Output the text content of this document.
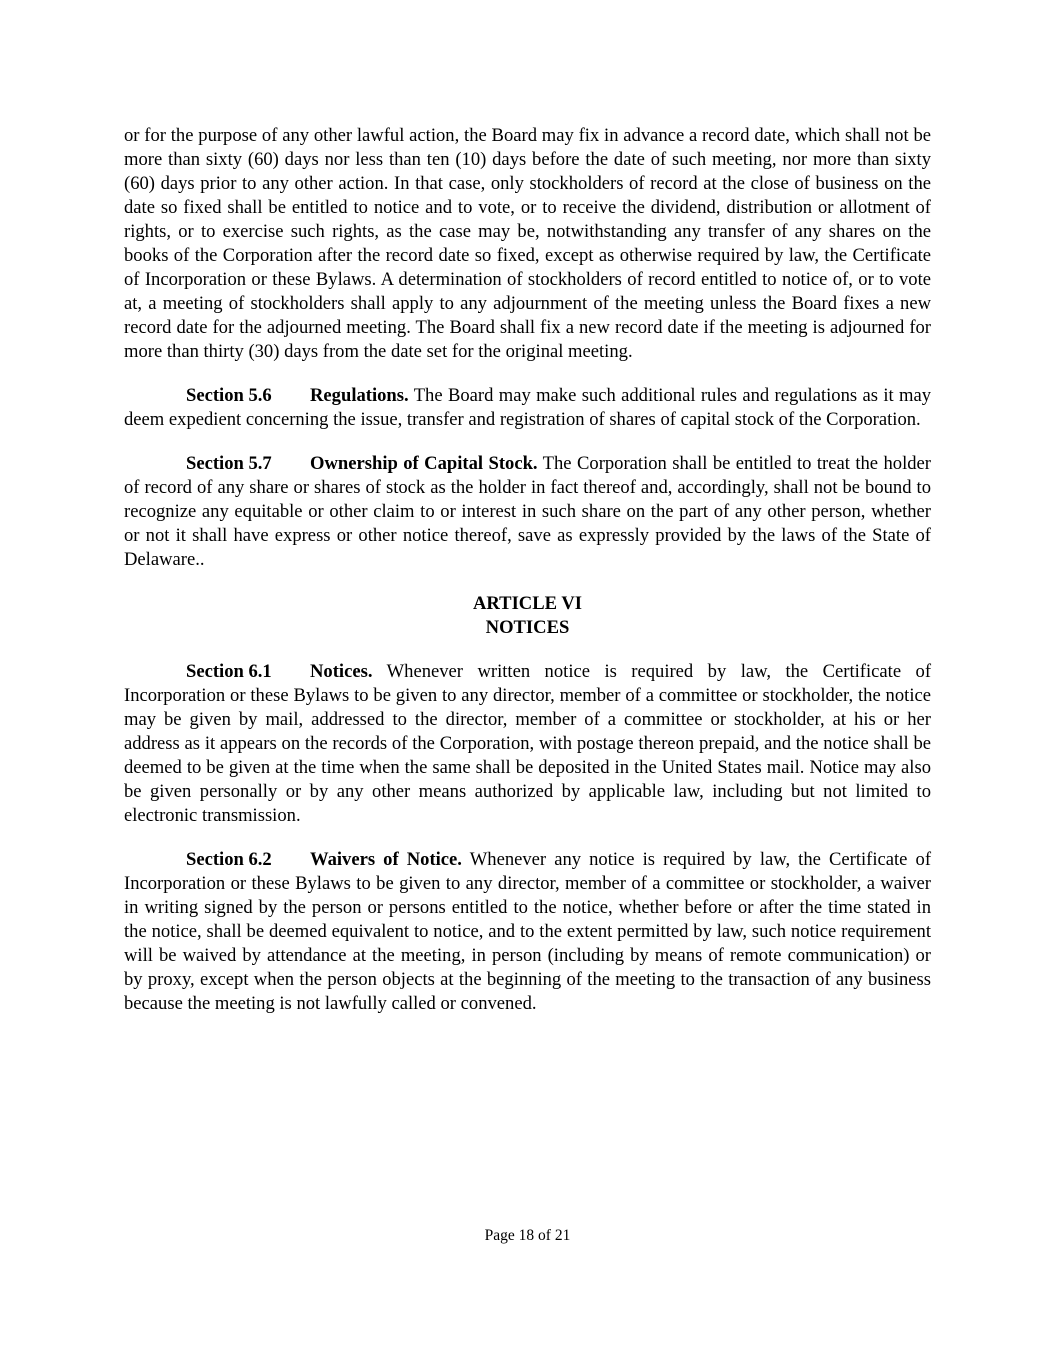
or for the purpose of any other lawful action, the Board may fix in advance a record date, which shall not be more than sixty (60) days nor less than ten (10) days before the date of such meeting, nor more than sixty (60) days prior to any other action. In that case, only stockholders of record at the close of business on the date so fixed shall be entitled to notice and to vote, or to receive the dividend, distribution or allotment of rights, or to exercise such rights, as the case may be, notwithstanding any transfer of any shares on the books of the Corporation after the record date so fixed, except as otherwise required by law, the Certificate of Incorporation or these Bylaws. A determination of stockholders of record entitled to notice of, or to vote at, a meeting of stockholders shall apply to any adjournment of the meeting unless the Board fixes a new record date for the adjourned meeting. The Board shall fix a new record date if the meeting is adjourned for more than thirty (30) days from the date set for the original meeting.

Section 5.6 Regulations. The Board may make such additional rules and regulations as it may deem expedient concerning the issue, transfer and registration of shares of capital stock of the Corporation.

Section 5.7 Ownership of Capital Stock. The Corporation shall be entitled to treat the holder of record of any share or shares of stock as the holder in fact thereof and, accordingly, shall not be bound to recognize any equitable or other claim to or interest in such share on the part of any other person, whether or not it shall have express or other notice thereof, save as expressly provided by the laws of the State of Delaware..

ARTICLE VI
NOTICES

Section 6.1 Notices. Whenever written notice is required by law, the Certificate of Incorporation or these Bylaws to be given to any director, member of a committee or stockholder, the notice may be given by mail, addressed to the director, member of a committee or stockholder, at his or her address as it appears on the records of the Corporation, with postage thereon prepaid, and the notice shall be deemed to be given at the time when the same shall be deposited in the United States mail. Notice may also be given personally or by any other means authorized by applicable law, including but not limited to electronic transmission.

Section 6.2 Waivers of Notice. Whenever any notice is required by law, the Certificate of Incorporation or these Bylaws to be given to any director, member of a committee or stockholder, a waiver in writing signed by the person or persons entitled to the notice, whether before or after the time stated in the notice, shall be deemed equivalent to notice, and to the extent permitted by law, such notice requirement will be waived by attendance at the meeting, in person (including by means of remote communication) or by proxy, except when the person objects at the beginning of the meeting to the transaction of any business because the meeting is not lawfully called or convened.

Page 18 of 21
